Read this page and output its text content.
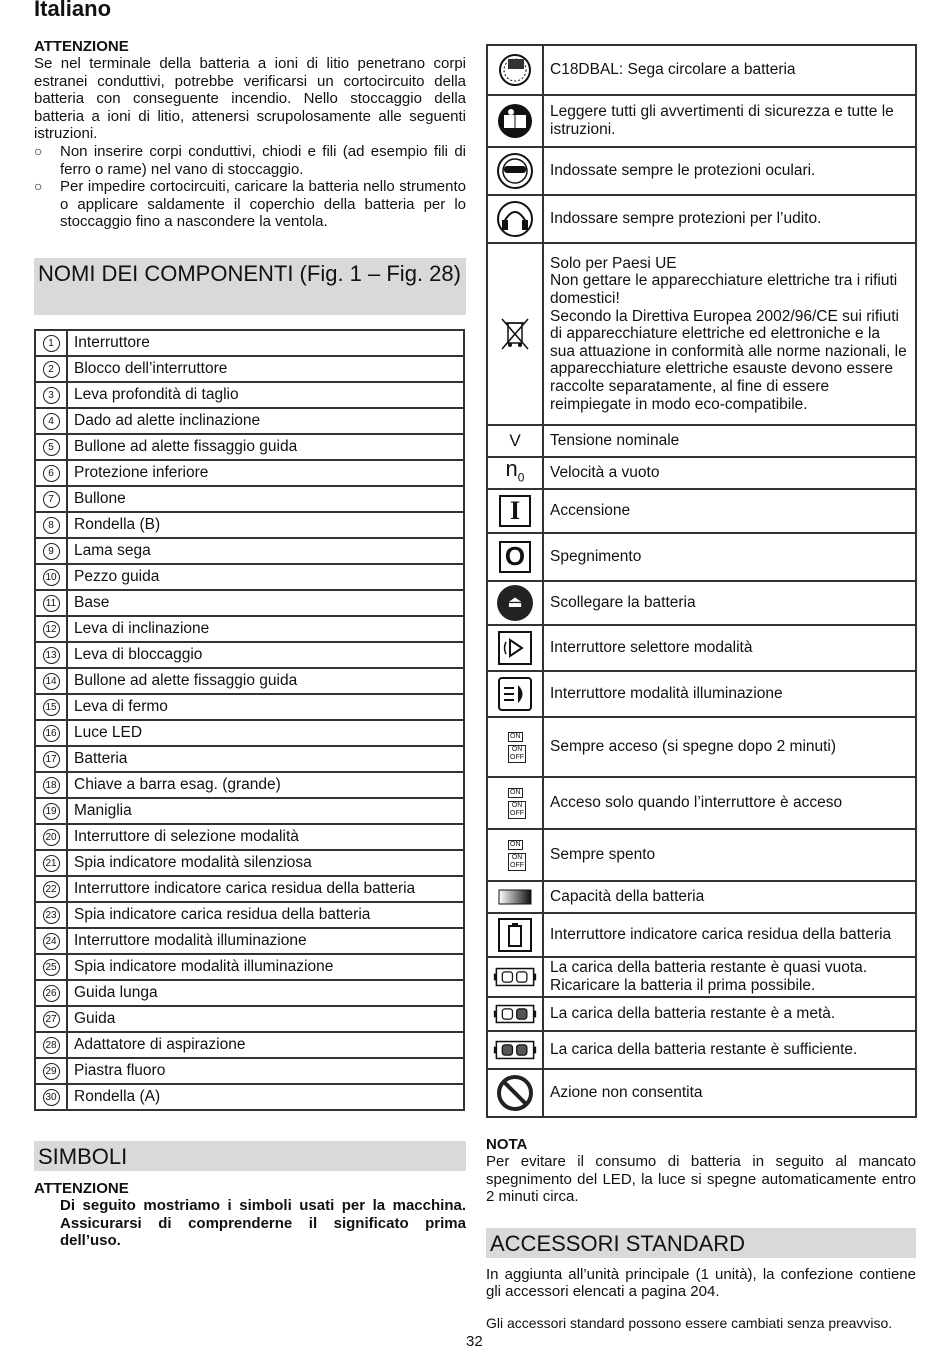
Italiano
ATTENZIONE
Se nel terminale della batteria a ioni di litio penetrano corpi estranei conduttivi, potrebbe verificarsi un cortocircuito della batteria con conseguente incendio. Nello stoccaggio della batteria a ioni di litio, attenersi scrupolosamente alle seguenti istruzioni.
○	Non inserire corpi conduttivi, chiodi e fili (ad esempio fili di ferro o rame) nel vano di stoccaggio.
○	Per impedire cortocircuiti, caricare la batteria nello strumento o applicare saldamente il coperchio della batteria per lo stoccaggio fino a nascondere la ventola.
NOMI DEI COMPONENTI (Fig. 1 – Fig. 28)
1	Interruttore
2	Blocco dell’interruttore
3	Leva profondità di taglio
4	Dado ad alette inclinazione
5	Bullone ad alette fissaggio guida
6	Protezione inferiore
7	Bullone
8	Rondella (B)
9	Lama sega
10	Pezzo guida
11	Base
12	Leva di inclinazione
13	Leva di bloccaggio
14	Bullone ad alette fissaggio guida
15	Leva di fermo
16	Luce LED
17	Batteria
18	Chiave a barra esag. (grande)
19	Maniglia
20	Interruttore di selezione modalità
21	Spia indicatore modalità silenziosa
22	Interruttore indicatore carica residua della batteria
23	Spia indicatore carica residua della batteria
24	Interruttore modalità illuminazione
25	Spia indicatore modalità illuminazione
26	Guida lunga
27	Guida
28	Adattatore di aspirazione
29	Piastra fluoro
30	Rondella (A)
SIMBOLI
ATTENZIONE
Di seguito mostriamo i simboli usati per la macchina. Assicurarsi di comprenderne il significato prima dell’uso.
	C18DBAL: Sega circolare a batteria

	Leggere tutti gli avvertimenti di sicurezza e tutte le istruzioni.

	Indossate sempre le protezioni oculari.

	Indossare sempre protezioni per l’udito.

	Solo per Paesi UE
Non gettare le apparecchiature elettriche tra i rifiuti domestici!
Secondo la Direttiva Europea 2002/96/CE sui rifiuti di apparecchiature elettriche ed elettroniche e la sua attuazione in conformità alle norme nazionali, le apparecchiature elettriche esauste devono essere raccolte separatamente, al fine di essere reimpiegate in modo eco-compatibile.

V	Tensione nominale

$n_0$	Velocità a vuoto

I	Accensione

O	Spegnimento

⏏	Scollegare la batteria

	Interruttore selettore modalità

	Interruttore modalità illuminazione

ON
ON
OFF	Sempre acceso (si spegne dopo 2 minuti)

ON
ON
OFF	Acceso solo quando l’interruttore è acceso

ON
ON
OFF	Sempre spento

	Capacità della batteria

	Interruttore indicatore carica residua della batteria

	La carica della batteria restante è quasi vuota. Ricaricare la batteria il prima possibile.

	La carica della batteria restante è a metà.

	La carica della batteria restante è sufficiente.

	Azione non consentita
NOTA
Per evitare il consumo di batteria in seguito al mancato spegnimento del LED, la luce si spegne automaticamente entro 2 minuti circa.
ACCESSORI STANDARD
In aggiunta all’unità principale (1 unità), la confezione contiene gli accessori elencati a pagina 204.
Gli accessori standard possono essere cambiati senza preavviso.
32
